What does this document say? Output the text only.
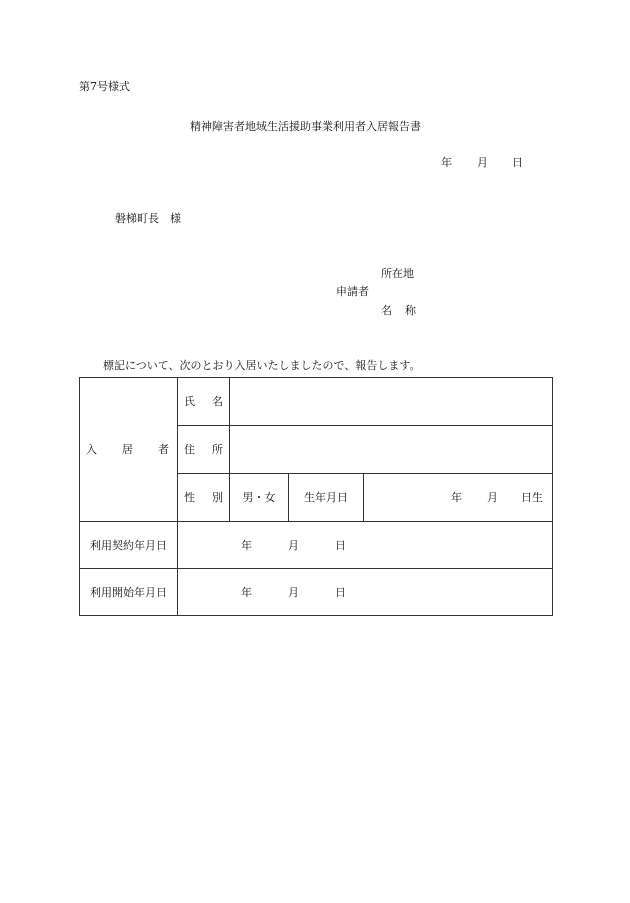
第7号様式
精神障害者地域生活援助事業利用者入居報告書
年 月 日
磐梯町長　様
所在地
申請者
名 称
標記について、次のとおり入居いたしましたので、報告します。
入 居 者	氏 名			

	住 所			

	性 別	男・女	生年月日	年 月 日生

利用契約年月日	年 月 日			

利用開始年月日	年 月 日			
